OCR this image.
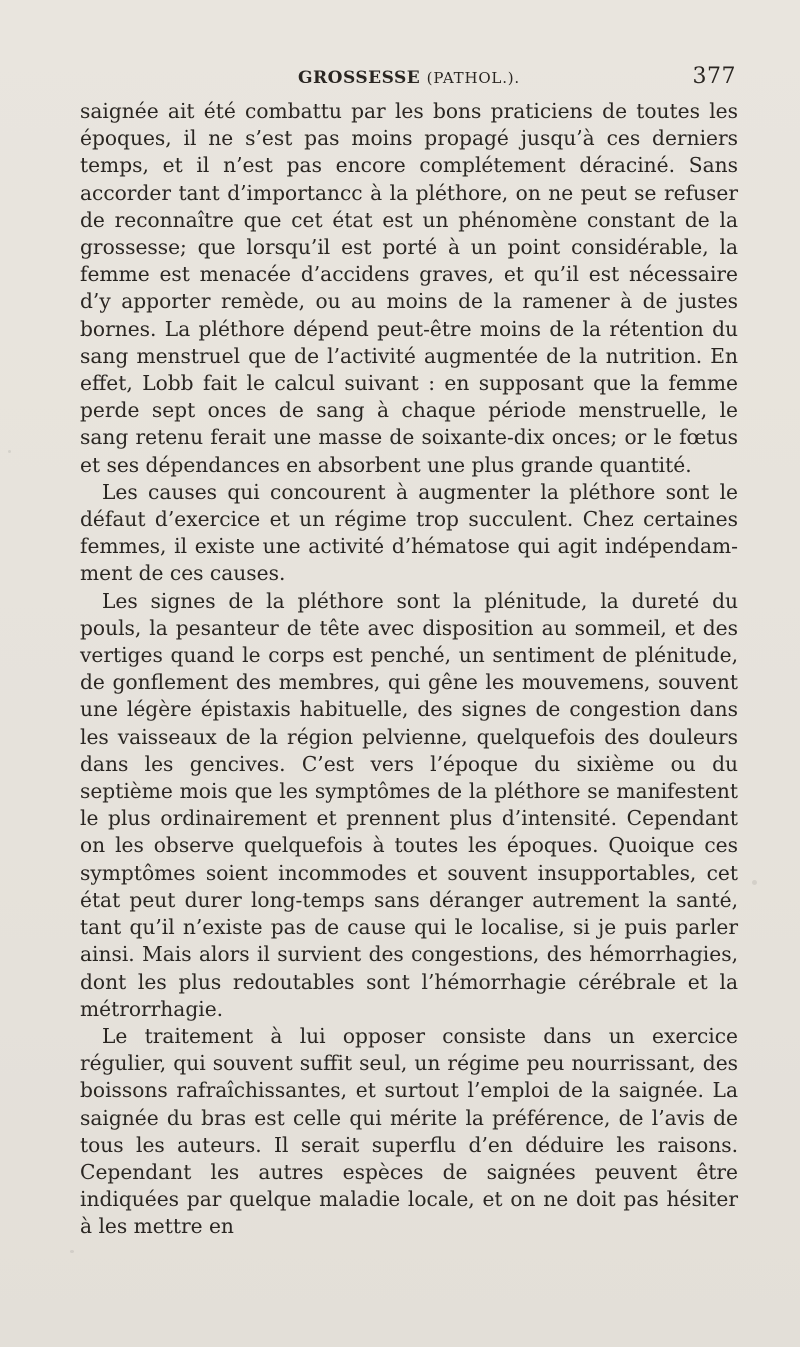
GROSSESSE (PATHOL.).	377

saignée ait été combattu par les bons praticiens de toutes les époques, il ne s’est pas moins propagé jusqu’à ces derniers temps, et il n’est pas encore complétement déraciné. Sans accorder tant d’importancc à la pléthore, on ne peut se refuser de reconnaître que cet état est un phénomène constant de la grossesse; que lorsqu’il est porté à un point considérable, la femme est menacée d’accidens graves, et qu’il est nécessaire d’y apporter remède, ou au moins de la ramener à de justes bornes. La pléthore dépend peut-être moins de la rétention du sang menstruel que de l’activité augmentée de la nutrition. En effet, Lobb fait le calcul suivant : en supposant que la femme perde sept onces de sang à chaque période menstruelle, le sang retenu ferait une masse de soixante-dix onces; or le fœtus et ses dépendances en absorbent une plus grande quantité.

Les causes qui concourent à augmenter la pléthore sont le défaut d’exercice et un régime trop succulent. Chez certaines femmes, il existe une activité d’hématose qui agit indépendamment de ces causes.

Les signes de la pléthore sont la plénitude, la dureté du pouls, la pesanteur de tête avec disposition au sommeil, et des vertiges quand le corps est penché, un sentiment de plénitude, de gonflement des membres, qui gêne les mouvemens, souvent une légère épistaxis habituelle, des signes de congestion dans les vaisseaux de la région pelvienne, quelquefois des douleurs dans les gencives. C’est vers l’époque du sixième ou du septième mois que les symptômes de la pléthore se manifestent le plus ordinairement et prennent plus d’intensité. Cependant on les observe quelquefois à toutes les époques. Quoique ces symptômes soient incommodes et souvent insupportables, cet état peut durer long-temps sans déranger autrement la santé, tant qu’il n’existe pas de cause qui le localise, si je puis parler ainsi. Mais alors il survient des congestions, des hémorrhagies, dont les plus redoutables sont l’hémorrhagie cérébrale et la métrorrhagie.

Le traitement à lui opposer consiste dans un exercice régulier, qui souvent suffit seul, un régime peu nourrissant, des boissons rafraîchissantes, et surtout l’emploi de la saignée. La saignée du bras est celle qui mérite la préférence, de l’avis de tous les auteurs. Il serait superflu d’en déduire les raisons. Cependant les autres espèces de saignées peuvent être indiquées par quelque maladie locale, et on ne doit pas hésiter à les mettre en
